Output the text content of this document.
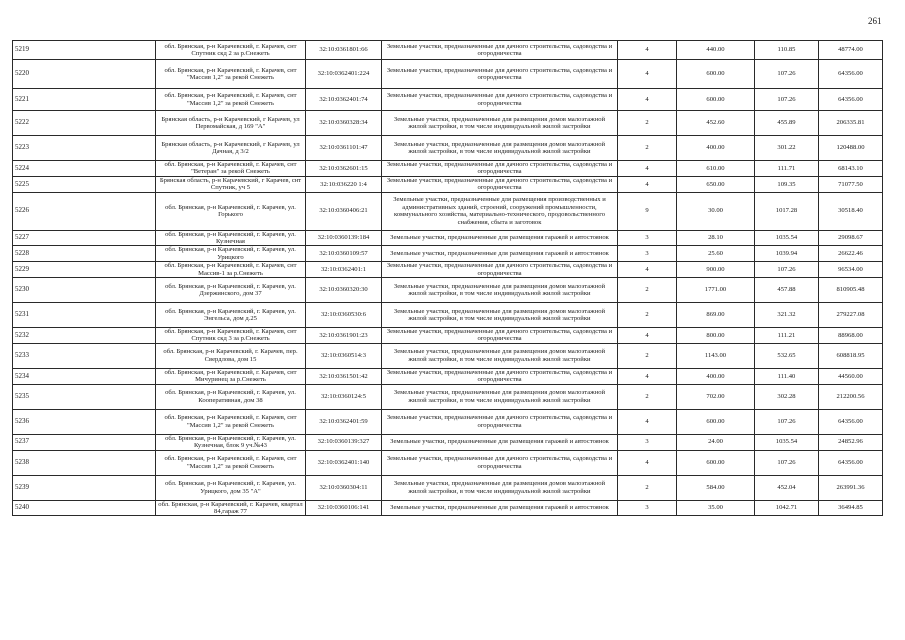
261
5219	обл. Брянская, р-н Карачевский, г. Карачев, снт Спутник скд 2 за р.Снежеть	32:10:0361801:66	Земельные участки, предназначенные для дачного строительства, садоводства и огородничества	4	440.00	110.85	48774.00
5220	обл. Брянская, р-н Карачевский, г. Карачев, снт "Массив 1,2" за рекой Снежеть	32:10:0362401:224	Земельные участки, предназначенные для дачного строительства, садоводства и огородничества	4	600.00	107.26	64356.00
5221	обл. Брянская, р-н Карачевский, г. Карачев, снт "Массив 1,2" за рекой Снежеть	32:10:0362401:74	Земельные участки, предназначенные для дачного строительства, садоводства и огородничества	4	600.00	107.26	64356.00
5222	Брянская область, р-н Карачевский, г Карачев, ул Первомайская, д 169 "А"	32:10:0360328:34	Земельные участки, предназначенные для размещения домов малоэтажной жилой застройки, в том числе индивидуальной жилой застройки	2	452.60	455.89	206335.81
5223	Брянская область, р-н Карачевский, г Карачев, ул Дачная, д 3/2	32:10:0361101:47	Земельные участки, предназначенные для размещения домов малоэтажной жилой застройки, в том числе индивидуальной жилой застройки	2	400.00	301.22	120488.00
5224	обл. Брянская, р-н Карачевский, г. Карачев, снт "Ветеран" за рекой Снежеть	32:10:0362601:15	Земельные участки, предназначенные для дачного строительства, садоводства и огородничества	4	610.00	111.71	68143.10
5225	Брянская область, р-н Карачевский, г Карачев, снт Спутник, уч 5	32:10:036220 1:4	Земельные участки, предназначенные для дачного строительства, садоводства и огородничества	4	650.00	109.35	71077.50
5226	обл. Брянская, р-н Карачевский, г. Карачев, ул. Горького	32:10:0360406:21	Земельные участки, предназначенные для размещения производственных и административных зданий, строений, сооружений промышленности, коммунального хозяйства, материально-технического, продовольственного снабжения, сбыта и заготовок	9	30.00	1017.28	30518.40
5227	обл. Брянская, р-н Карачевский, г. Карачев, ул. Кузнечная	32:10:0360139:184	Земельные участки, предназначенные для размещения гаражей и автостоянок	3	28.10	1035.54	29098.67
5228	обл. Брянская, р-н Карачевский, г. Карачев, ул. Урицкого	32:10:0360109:57	Земельные участки, предназначенные для размещения гаражей и автостоянок	3	25.60	1039.94	26622.46
5229	обл. Брянская, р-н Карачевский, г. Карачев, снт Массив-1 за р.Снежеть	32:10:0362401:1	Земельные участки, предназначенные для дачного строительства, садоводства и огородничества	4	900.00	107.26	96534.00
5230	обл. Брянская, р-н Карачевский, г. Карачев, ул. Дзержинского, дом 37	32:10:0360320:30	Земельные участки, предназначенные для размещения домов малоэтажной жилой застройки, в том числе индивидуальной жилой застройки	2	1771.00	457.88	810905.48
5231	обл. Брянская, р-н Карачевский, г. Карачев, ул. Энгельса, дом д.25	32:10:0360530:6	Земельные участки, предназначенные для размещения домов малоэтажной жилой застройки, в том числе индивидуальной жилой застройки	2	869.00	321.32	279227.08
5232	обл. Брянская, р-н Карачевский, г. Карачев, снт Спутник скд 3 за р.Снежеть	32:10:0361901:23	Земельные участки, предназначенные для дачного строительства, садоводства и огородничества	4	800.00	111.21	88968.00
5233	обл. Брянская, р-н Карачевский, г. Карачев, пер. Свердлова, дом 15	32:10:0360514:3	Земельные участки, предназначенные для размещения домов малоэтажной жилой застройки, в том числе индивидуальной жилой застройки	2	1143.00	532.65	608818.95
5234	обл. Брянская, р-н Карачевский, г. Карачев, снт Мичуринец за р.Снежеть	32:10:0361501:42	Земельные участки, предназначенные для дачного строительства, садоводства и огородничества	4	400.00	111.40	44560.00
5235	обл. Брянская, р-н Карачевский, г. Карачев, ул. Кооперативная, дом 38	32:10:0360124:5	Земельные участки, предназначенные для размещения домов малоэтажной жилой застройки, в том числе индивидуальной жилой застройки	2	702.00	302.28	212200.56
5236	обл. Брянская, р-н Карачевский, г. Карачев, снт "Массив 1,2" за рекой Снежеть	32:10:0362401:59	Земельные участки, предназначенные для дачного строительства, садоводства и огородничества	4	600.00	107.26	64356.00
5237	обл. Брянская, р-н Карачевский, г. Карачев, ул. Кузнечная, блок 9 уч.№43	32:10:0360139:327	Земельные участки, предназначенные для размещения гаражей и автостоянок	3	24.00	1035.54	24852.96
5238	обл. Брянская, р-н Карачевский, г. Карачев, снт "Массив 1,2" за рекой Снежеть	32:10:0362401:140	Земельные участки, предназначенные для дачного строительства, садоводства и огородничества	4	600.00	107.26	64356.00
5239	обл. Брянская, р-н Карачевский, г. Карачев, ул. Урицкого, дом 35 "А"	32:10:0360304:11	Земельные участки, предназначенные для размещения домов малоэтажной жилой застройки, в том числе индивидуальной жилой застройки	2	584.00	452.04	263991.36
5240	обл. Брянская, р-н Карачевский, г. Карачев, квартал 84,гараж 77	32:10:0360106:141	Земельные участки, предназначенные для размещения гаражей и автостоянок	3	35.00	1042.71	36494.85
